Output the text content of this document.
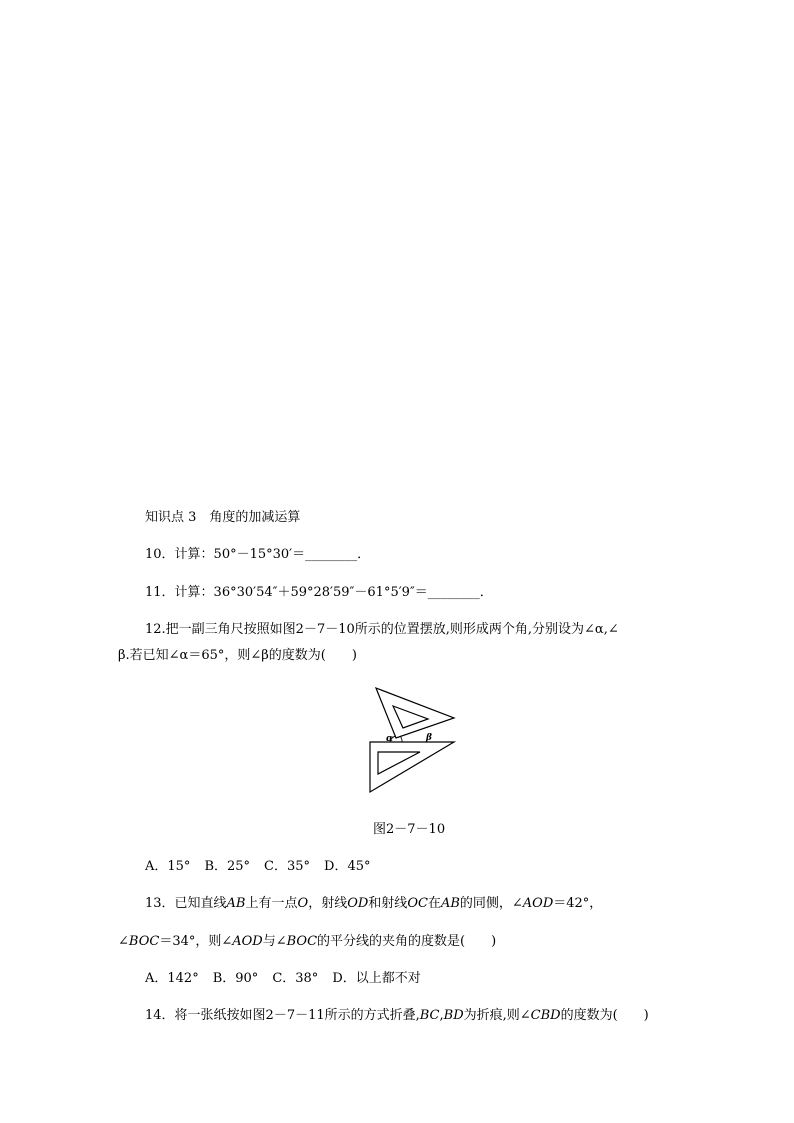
知识点 3　角度的加减运算
10．计算：50°－15°30′＝________．
11．计算：36°30′54″＋59°28′59″－61°5′9″＝________．
12.把一副三角尺按照如图2－7－10所示的位置摆放,则形成两个角,分别设为∠α,∠
β.若已知∠α＝65°，则∠β的度数为(　　)
α	β
图2－7－10
A．15° B．25° C．35° D．45°
13．已知直线AB上有一点O，射线OD和射线OC在AB的同侧，∠AOD＝42°，
∠BOC＝34°，则∠AOD与∠BOC的平分线的夹角的度数是(　　)
A．142° B．90° C．38° D．以上都不对
14．将一张纸按如图2－7－11所示的方式折叠,BC,BD为折痕,则∠CBD的度数为(　　)
